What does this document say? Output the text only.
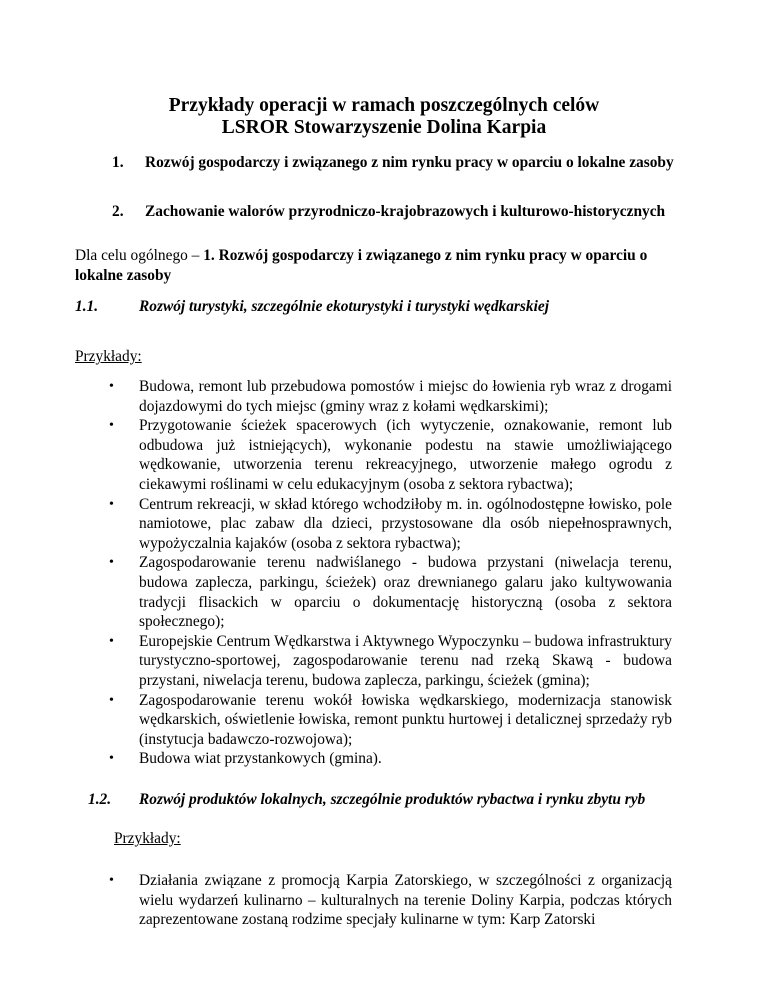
Przykłady operacji w ramach poszczególnych celów
LSROR Stowarzyszenie Dolina Karpia
1. Rozwój gospodarczy i związanego z nim rynku pracy w oparciu o lokalne zasoby
2. Zachowanie walorów przyrodniczo-krajobrazowych i kulturowo-historycznych
Dla celu ogólnego – 1. Rozwój gospodarczy i związanego z nim rynku pracy w oparciu o lokalne zasoby
1.1.	Rozwój turystyki, szczególnie ekoturystyki i turystyki wędkarskiej
Przykłady:
• Budowa, remont lub przebudowa pomostów i miejsc do łowienia ryb wraz z drogami dojazdowymi do tych miejsc (gminy wraz z kołami wędkarskimi);
• Przygotowanie ścieżek spacerowych (ich wytyczenie, oznakowanie, remont lub odbudowa już istniejących), wykonanie podestu na stawie umożliwiającego wędkowanie, utworzenia terenu rekreacyjnego, utworzenie małego ogrodu z ciekawymi roślinami w celu edukacyjnym (osoba z sektora rybactwa);
• Centrum rekreacji, w skład którego wchodziłoby m. in. ogólnodostępne łowisko, pole namiotowe, plac zabaw dla dzieci, przystosowane dla osób niepełnosprawnych, wypożyczalnia kajaków (osoba z sektora rybactwa);
• Zagospodarowanie terenu nadwiślanego - budowa przystani (niwelacja terenu, budowa zaplecza, parkingu, ścieżek) oraz drewnianego galaru jako kultywowania tradycji flisackich w oparciu o dokumentację historyczną (osoba z sektora społecznego);
• Europejskie Centrum Wędkarstwa i Aktywnego Wypoczynku – budowa infrastruktury turystyczno-sportowej, zagospodarowanie terenu nad rzeką Skawą - budowa przystani, niwelacja terenu, budowa zaplecza, parkingu, ścieżek (gmina);
• Zagospodarowanie terenu wokół łowiska wędkarskiego, modernizacja stanowisk wędkarskich, oświetlenie łowiska, remont punktu hurtowej i detalicznej sprzedaży ryb (instytucja badawczo-rozwojowa);
• Budowa wiat przystankowych (gmina).
1.2. Rozwój produktów lokalnych, szczególnie produktów rybactwa i rynku zbytu ryb
Przykłady:
• Działania związane z promocją Karpia Zatorskiego, w szczególności z organizacją wielu wydarzeń kulinarno – kulturalnych na terenie Doliny Karpia, podczas których zaprezentowane zostaną rodzime specjały kulinarne w tym: Karp Zatorski
